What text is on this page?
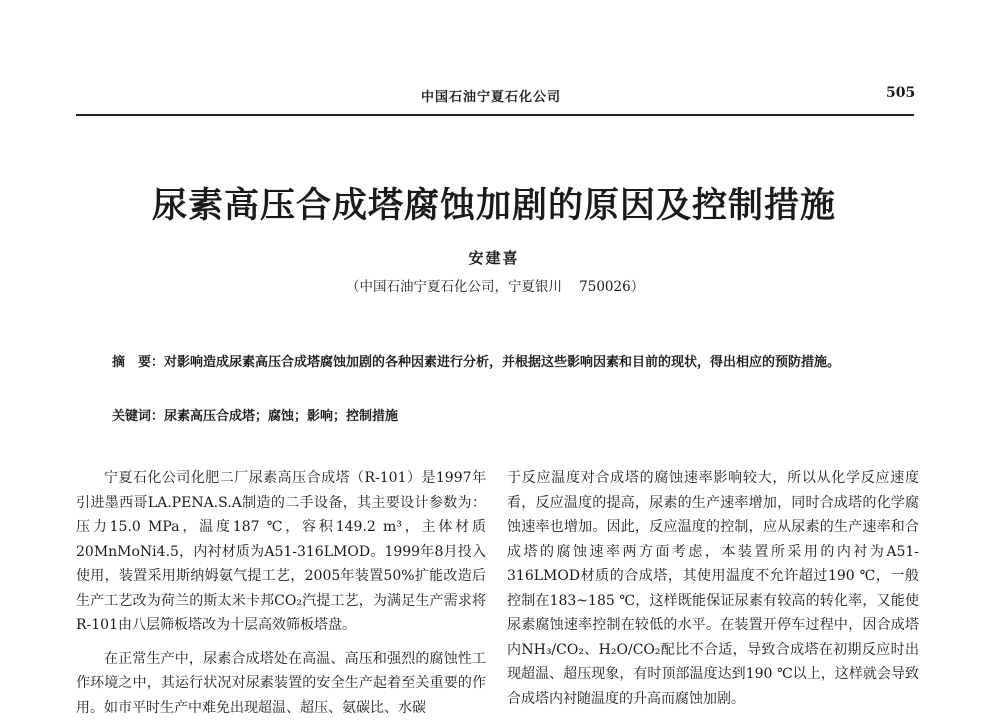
中国石油宁夏石化公司	505
尿素高压合成塔腐蚀加剧的原因及控制措施
安建喜
（中国石油宁夏石化公司，宁夏银川    750026）
摘　要：对影响造成尿素高压合成塔腐蚀加剧的各种因素进行分析，并根据这些影响因素和目前的现状，得出相应的预防措施。
关键词：尿素高压合成塔；腐蚀；影响；控制措施

宁夏石化公司化肥二厂尿素高压合成塔（R-101）是1997年引进墨西哥LA.PENA.S.A制造的二手设备，其主要设计参数为：压力15.0 MPa，温度187 ℃，容积149.2 m³，主体材质20MnMoNi4.5，内衬材质为A51-316LMOD。1999年8月投入使用，装置采用斯纳姆氨气提工艺，2005年装置50%扩能改造后生产工艺改为荷兰的斯太米卡邦CO₂汽提工艺，为满足生产需求将R-101由八层筛板塔改为十层高效筛板塔盘。

在正常生产中，尿素合成塔处在高温、高压和强烈的腐蚀性工作环境之中，其运行状况对尿素装置的安全生产起着至关重要的作用。如市平时生产中难免出现超温、超压、氨碳比、水碳

于反应温度对合成塔的腐蚀速率影响较大，所以从化学反应速度看，反应温度的提高，尿素的生产速率增加，同时合成塔的化学腐蚀速率也增加。因此，反应温度的控制，应从尿素的生产速率和合成塔的腐蚀速率两方面考虑，本装置所采用的内衬为A51-316LMOD材质的合成塔，其使用温度不允许超过190 ℃，一般控制在183~185 ℃，这样既能保证尿素有较高的转化率，又能使尿素腐蚀速率控制在较低的水平。在装置开停车过程中，因合成塔内NH₃/CO₂、H₂O/CO₂配比不合适，导致合成塔在初期反应时出现超温、超压现象，有时顶部温度达到190 ℃以上，这样就会导致合成塔内衬随温度的升高而腐蚀加剧。
